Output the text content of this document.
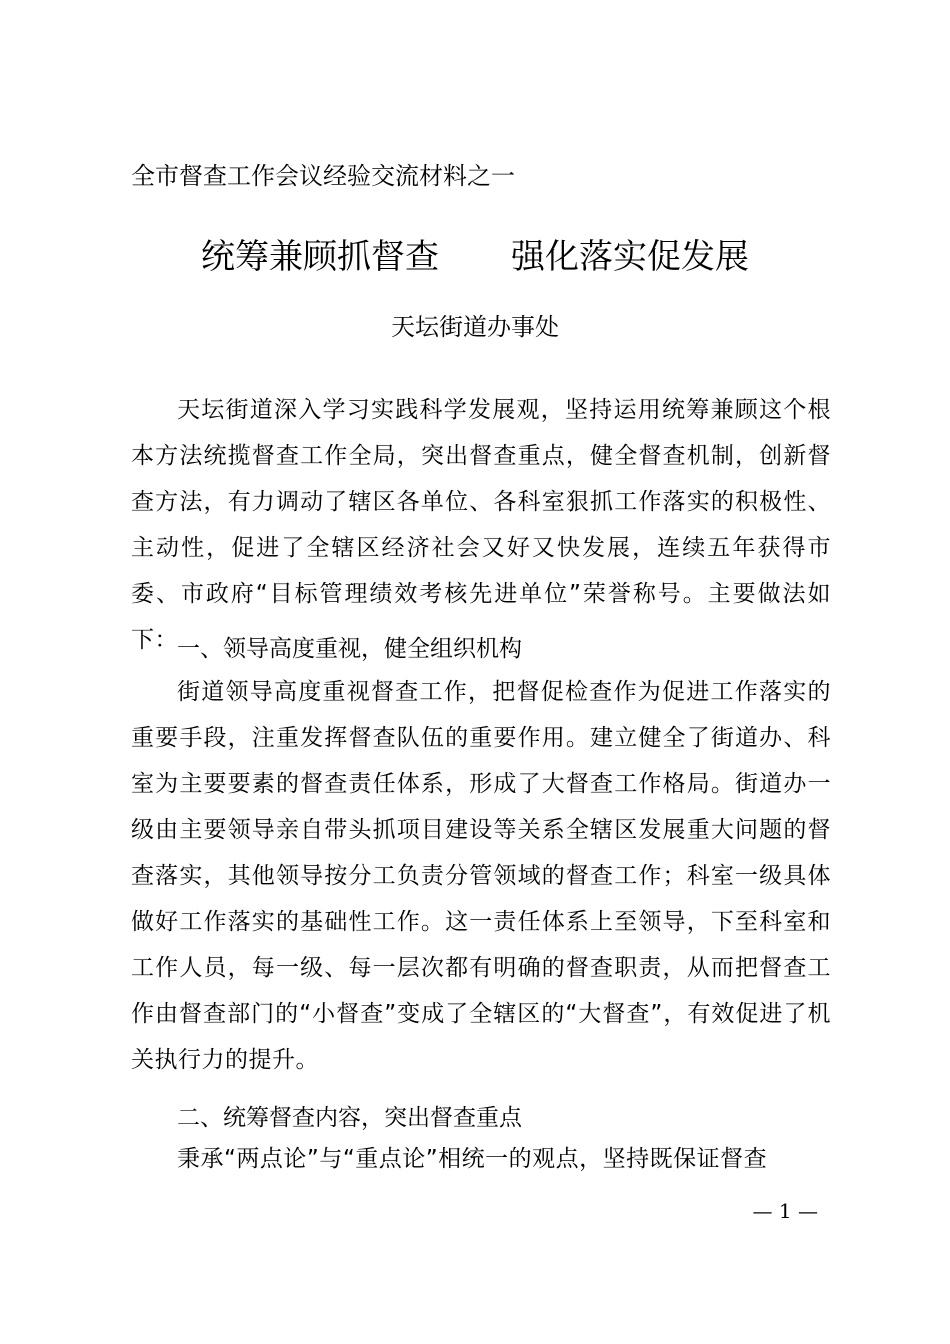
全市督查工作会议经验交流材料之一
统筹兼顾抓督查 强化落实促发展
天坛街道办事处
天坛街道深入学习实践科学发展观，坚持运用统筹兼顾这个根本方法统揽督查工作全局，突出督查重点，健全督查机制，创新督查方法，有力调动了辖区各单位、各科室狠抓工作落实的积极性、主动性，促进了全辖区经济社会又好又快发展，连续五年获得市委、市政府“目标管理绩效考核先进单位”荣誉称号。主要做法如下： 一、领导高度重视，健全组织机构
街道领导高度重视督查工作，把督促检查作为促进工作落实的重要手段，注重发挥督查队伍的重要作用。建立健全了街道办、科室为主要要素的督查责任体系，形成了大督查工作格局。街道办一级由主要领导亲自带头抓项目建设等关系全辖区发展重大问题的督查落实，其他领导按分工负责分管领域的督查工作；科室一级具体做好工作落实的基础性工作。这一责任体系上至领导，下至科室和工作人员，每一级、每一层次都有明确的督查职责，从而把督查工作由督查部门的“小督查”变成了全辖区的“大督查”，有效促进了机关执行力的提升。
二、统筹督查内容，突出督查重点
秉承“两点论”与“重点论”相统一的观点，坚持既保证督查
— 1 —
